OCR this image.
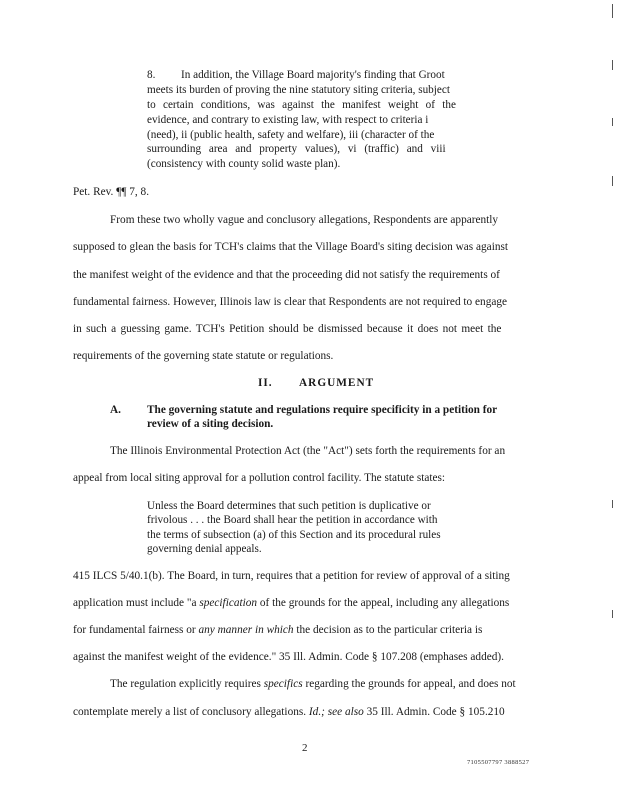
8. In addition, the Village Board majority's finding that Groot

meets its burden of proving the nine statutory siting criteria, subject

to certain conditions, was against the manifest weight of the

evidence, and contrary to existing law, with respect to criteria i

(need), ii (public health, safety and welfare), iii (character of the

surrounding area and property values), vi (traffic) and viii

(consistency with county solid waste plan).

Pet. Rev. ¶¶ 7, 8.

From these two wholly vague and conclusory allegations, Respondents are apparently

supposed to glean the basis for TCH's claims that the Village Board's siting decision was against

the manifest weight of the evidence and that the proceeding did not satisfy the requirements of

fundamental fairness. However, Illinois law is clear that Respondents are not required to engage

in such a guessing game. TCH's Petition should be dismissed because it does not meet the

requirements of the governing state statute or regulations.

II. ARGUMENT

A. The governing statute and regulations require specificity in a petition for

review of a siting decision.

The Illinois Environmental Protection Act (the "Act") sets forth the requirements for an

appeal from local siting approval for a pollution control facility. The statute states:

Unless the Board determines that such petition is duplicative or

frivolous . . . the Board shall hear the petition in accordance with

the terms of subsection (a) of this Section and its procedural rules

governing denial appeals.

415 ILCS 5/40.1(b). The Board, in turn, requires that a petition for review of approval of a siting

application must include "a specification of the grounds for the appeal, including any allegations

for fundamental fairness or any manner in which the decision as to the particular criteria is

against the manifest weight of the evidence." 35 Ill. Admin. Code § 107.208 (emphases added).

The regulation explicitly requires specifics regarding the grounds for appeal, and does not

contemplate merely a list of conclusory allegations. Id.; see also 35 Ill. Admin. Code § 105.210

2

7105507797 3888527
